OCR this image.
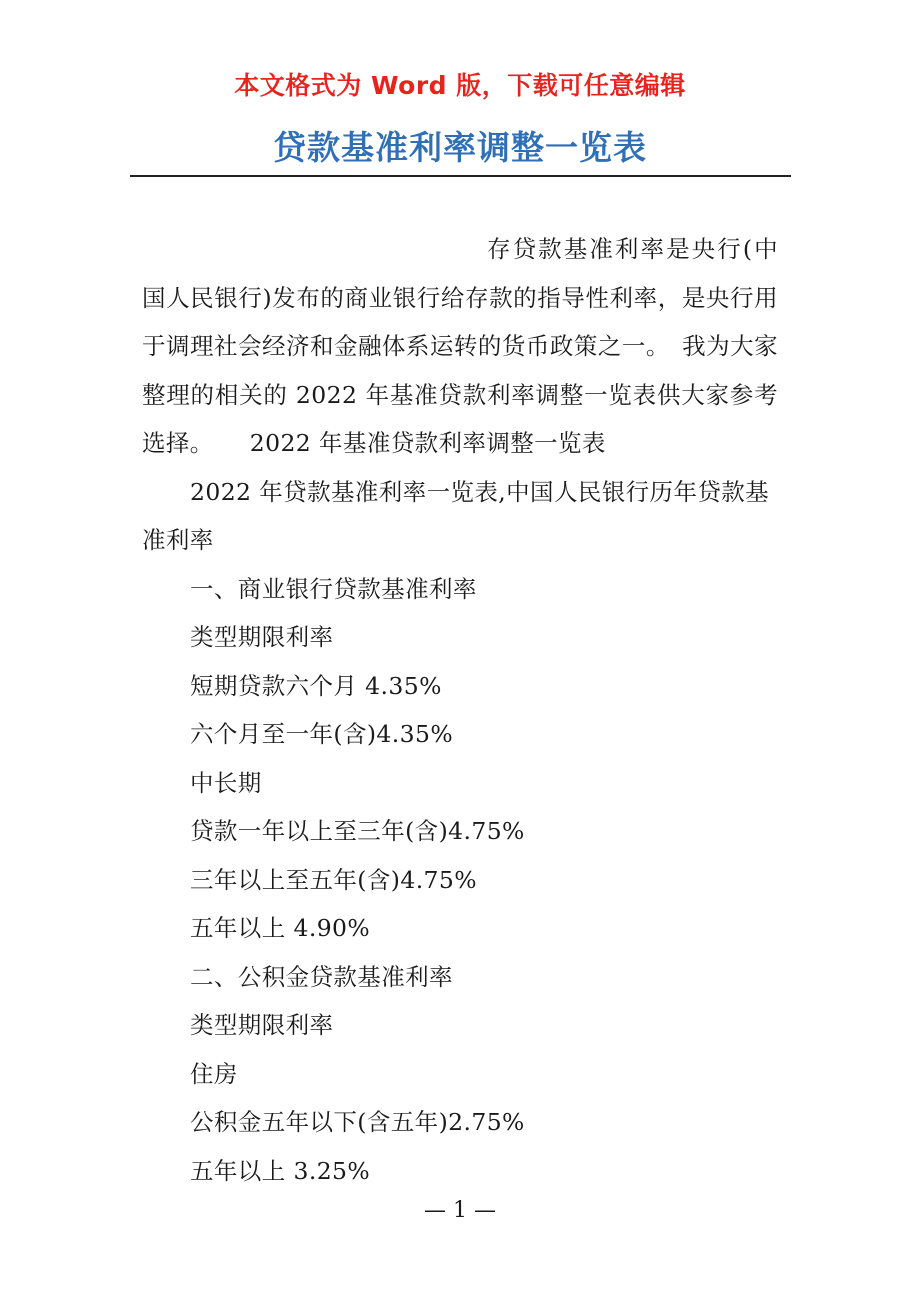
本文格式为 Word 版，下载可任意编辑
贷款基准利率调整一览表

存贷款基准利率是央行(中国人民银行)发布的商业银行给存款的指导性利率，是央行用于调理社会经济和金融体系运转的货币政策之一。　我为大家整理的相关的 2022 年基准贷款利率调整一览表供大家参考选择。　　2022 年基准贷款利率调整一览表

2022 年贷款基准利率一览表,中国人民银行历年贷款基准利率

一、商业银行贷款基准利率

类型期限利率

短期贷款六个月 4.35%

六个月至一年(含)4.35%

中长期

贷款一年以上至三年(含)4.75%

三年以上至五年(含)4.75%

五年以上 4.90%

二、公积金贷款基准利率

类型期限利率

住房

公积金五年以下(含五年)2.75%

五年以上 3.25%

— 1 —
